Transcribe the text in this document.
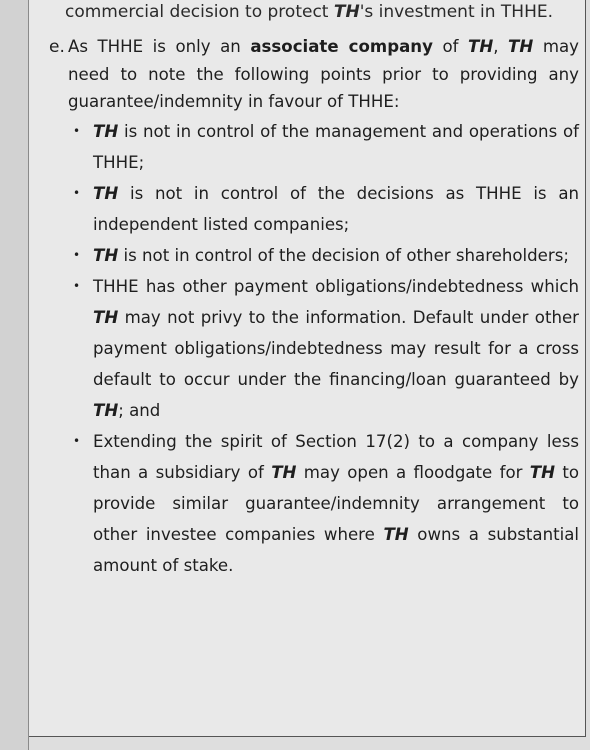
commercial decision to protect TH's investment in THHE.

e. As THHE is only an associate company of TH, TH may need to note the following points prior to providing any guarantee/indemnity in favour of THHE:

• TH is not in control of the management and operations of THHE;
• TH is not in control of the decisions as THHE is an independent listed companies;
• TH is not in control of the decision of other shareholders;
• THHE has other payment obligations/indebtedness which TH may not privy to the information. Default under other payment obligations/indebtedness may result for a cross default to occur under the financing/loan guaranteed by TH; and
• Extending the spirit of Section 17(2) to a company less than a subsidiary of TH may open a floodgate for TH to provide similar guarantee/indemnity arrangement to other investee companies where TH owns a substantial amount of stake.
